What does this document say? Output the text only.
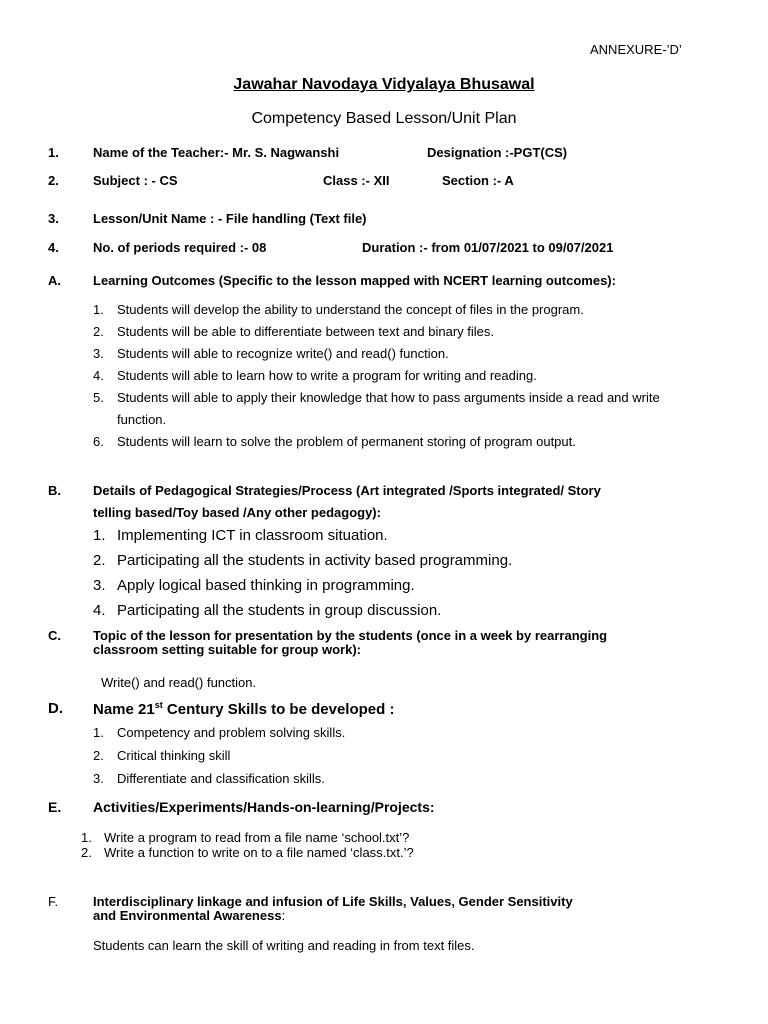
ANNEXURE-’D’
Jawahar Navodaya Vidyalaya Bhusawal
Competency Based Lesson/Unit Plan
1.	Name of the Teacher:- Mr. S. Nagwanshi	Designation :-PGT(CS)
2.	Subject : - CS	Class :- XII	Section :- A
3.	Lesson/Unit Name : - File handling (Text file)
4.	No. of periods required :- 08	Duration :- from 01/07/2021 to 09/07/2021
A. Learning Outcomes (Specific to the lesson mapped with NCERT learning outcomes):
1. Students will develop the ability to understand the concept of files in the program.
2. Students will be able to differentiate between text and binary files.
3. Students will able to recognize write() and read() function.
4. Students will able to learn how to write a program for writing and reading.
5. Students will able to apply their knowledge that how to pass arguments inside a read and write
function.
6. Students will learn to solve the problem of permanent storing of program output.
B. Details of Pedagogical Strategies/Process (Art integrated /Sports integrated/ Story
telling based/Toy based /Any other pedagogy):
1. Implementing ICT in classroom situation.
2. Participating all the students in activity based programming.
3. Apply logical based thinking in programming.
4. Participating all the students in group discussion.
C. Topic of the lesson for presentation by the students (once in a week by rearranging
classroom setting suitable for group work):
Write() and read() function.
D. Name 21st Century Skills to be developed :
1. Competency and problem solving skills.
2. Critical thinking skill
3. Differentiate and classification skills.
E. Activities/Experiments/Hands-on-learning/Projects:
1. Write a program to read from a file name ‘school.txt’?
2. Write a function to write on to a file named ‘class.txt.’?
F.	Interdisciplinary linkage and infusion of Life Skills, Values, Gender Sensitivity
and Environmental Awareness:
Students can learn the skill of writing and reading in from text files.
